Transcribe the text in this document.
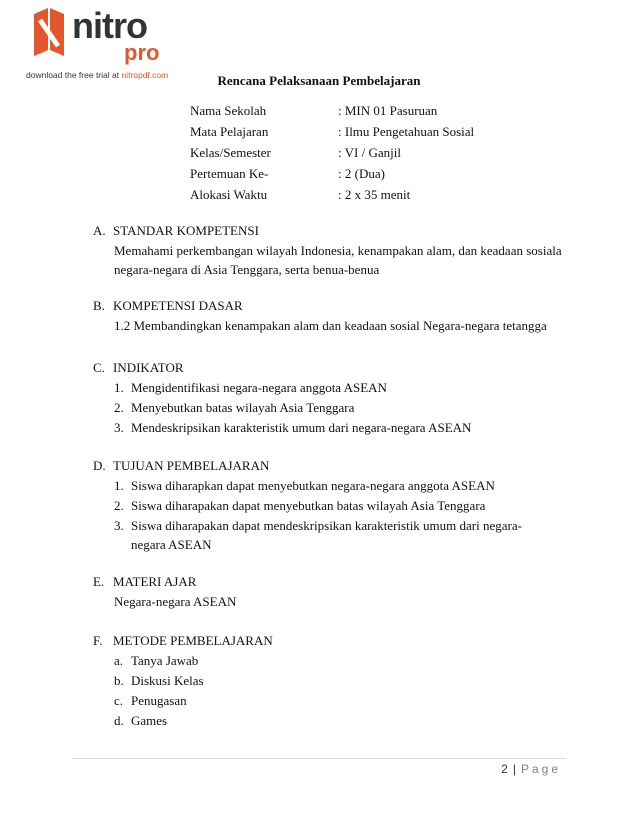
nitro
pro
download the free trial at nitropdf.com	Rencana Pelaksanaan Pembelajaran
Nama Sekolah	: MIN 01 Pasuruan
Mata Pelajaran	: Ilmu Pengetahuan Sosial
Kelas/Semester	: VI / Ganjil
Pertemuan Ke-	: 2 (Dua)
Alokasi Waktu	: 2 x 35 menit
A. STANDAR KOMPETENSI
Memahami perkembangan wilayah Indonesia, kenampakan alam, dan keadaan sosiala negara-negara di Asia Tenggara, serta benua-benua
B. KOMPETENSI DASAR
1.2 Membandingkan kenampakan alam dan keadaan sosial Negara-negara tetangga
C. INDIKATOR
1. Mengidentifikasi negara-negara anggota ASEAN
2. Menyebutkan batas wilayah Asia Tenggara
3. Mendeskripsikan karakteristik umum dari negara-negara ASEAN
D. TUJUAN PEMBELAJARAN
1. Siswa diharapkan dapat menyebutkan negara-negara anggota ASEAN
2. Siswa diharapakan dapat menyebutkan batas wilayah Asia Tenggara
3. Siswa diharapakan dapat mendeskripsikan karakteristik umum dari negara-negara ASEAN
E. MATERI AJAR
Negara-negara ASEAN
F. METODE PEMBELAJARAN
a. Tanya Jawab
b. Diskusi Kelas
c. Penugasan
d. Games
2 | Page
